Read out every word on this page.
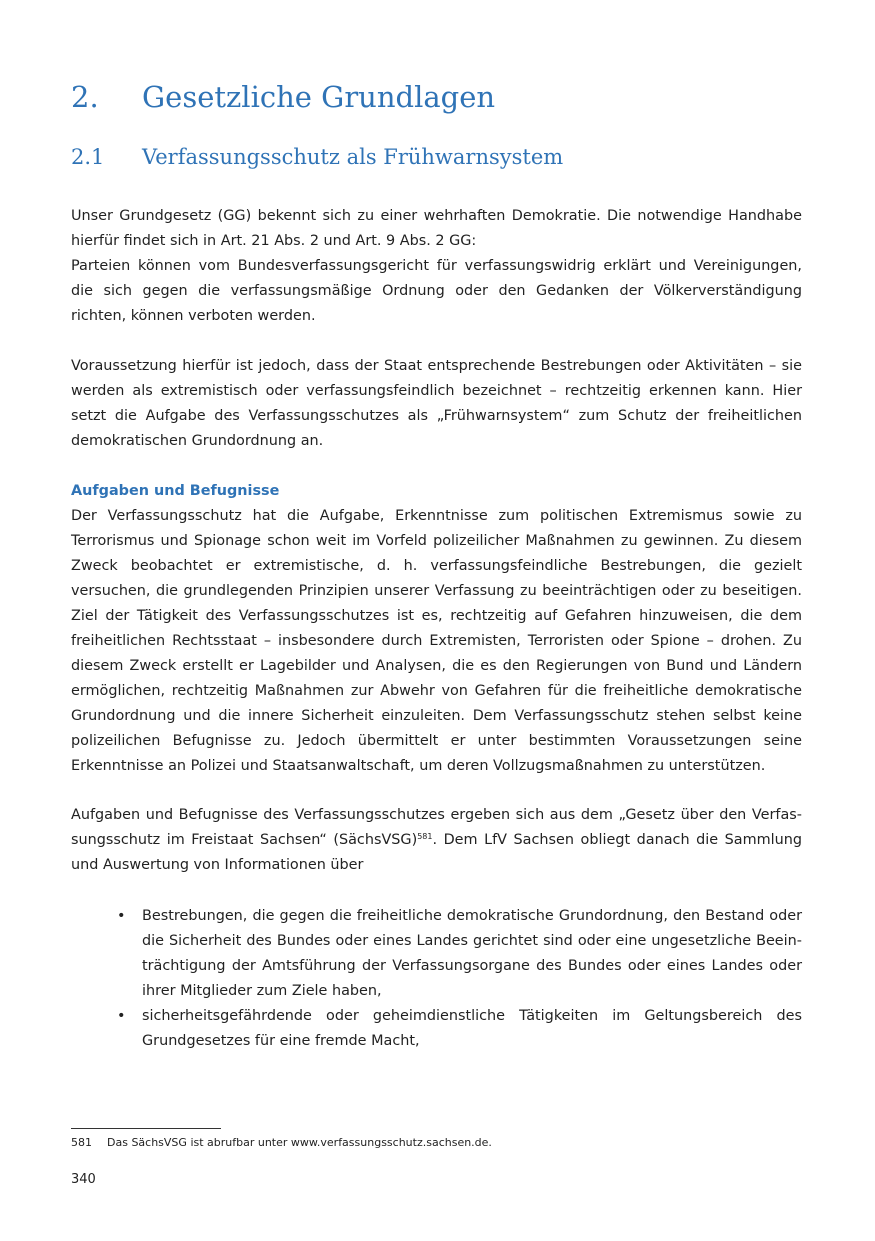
2. Gesetzliche Grundlagen
2.1 Verfassungsschutz als Frühwarnsystem
Unser Grundgesetz (GG) bekennt sich zu einer wehrhaften Demokratie. Die notwendige Handhabe hierfür findet sich in Art. 21 Abs. 2 und Art. 9 Abs. 2 GG:
Parteien können vom Bundesverfassungsgericht für verfassungswidrig erklärt und Vereinigungen, die sich gegen die verfassungsmäßige Ordnung oder den Gedanken der Völkerverständigung richten, können verboten werden.

Voraussetzung hierfür ist jedoch, dass der Staat entsprechende Bestrebungen oder Aktivitäten – sie werden als extremistisch oder verfassungsfeindlich bezeichnet – rechtzeitig erkennen kann. Hier setzt die Aufgabe des Verfassungsschutzes als „Frühwarnsystem“ zum Schutz der freiheitlichen demokratischen Grundordnung an.

Aufgaben und Befugnisse
Der Verfassungsschutz hat die Aufgabe, Erkenntnisse zum politischen Extremismus sowie zu Terrorismus und Spionage schon weit im Vorfeld polizeilicher Maßnahmen zu gewinnen. Zu diesem Zweck beobachtet er extremistische, d. h. verfassungsfeindliche Bestrebungen, die gezielt versuchen, die grundlegenden Prinzipien unserer Verfassung zu beeinträchtigen oder zu beseitigen. Ziel der Tätigkeit des Verfassungsschutzes ist es, rechtzeitig auf Gefahren hinzuweisen, die dem freiheitlichen Rechtsstaat – insbesondere durch Extremisten, Terroristen oder Spione – drohen. Zu diesem Zweck erstellt er Lagebilder und Analysen, die es den Regierungen von Bund und Ländern ermöglichen, rechtzeitig Maßnahmen zur Abwehr von Gefahren für die freiheitliche demokratische Grundordnung und die innere Sicherheit einzuleiten. Dem Verfassungsschutz stehen selbst keine polizeilichen Befugnisse zu. Jedoch übermittelt er unter bestimmten Voraussetzungen seine Erkenntnisse an Polizei und Staatsanwaltschaft, um deren Vollzugsmaßnahmen zu unterstützen.

Aufgaben und Befugnisse des Verfassungsschutzes ergeben sich aus dem „Gesetz über den Verfassungsschutz im Freistaat Sachsen“ (SächsVSG)$^{581}$. Dem LfV Sachsen obliegt danach die Sammlung und Auswertung von Informationen über

• Bestrebungen, die gegen die freiheitliche demokratische Grundordnung, den Bestand oder die Sicherheit des Bundes oder eines Landes gerichtet sind oder eine ungesetzliche Beeinträchtigung der Amtsführung der Verfassungsorgane des Bundes oder eines Landes oder ihrer Mitglieder zum Ziele haben,
• sicherheitsgefährdende oder geheimdienstliche Tätigkeiten im Geltungsbereich des Grundgesetzes für eine fremde Macht,

581 Das SächsVSG ist abrufbar unter www.verfassungsschutz.sachsen.de.

340
